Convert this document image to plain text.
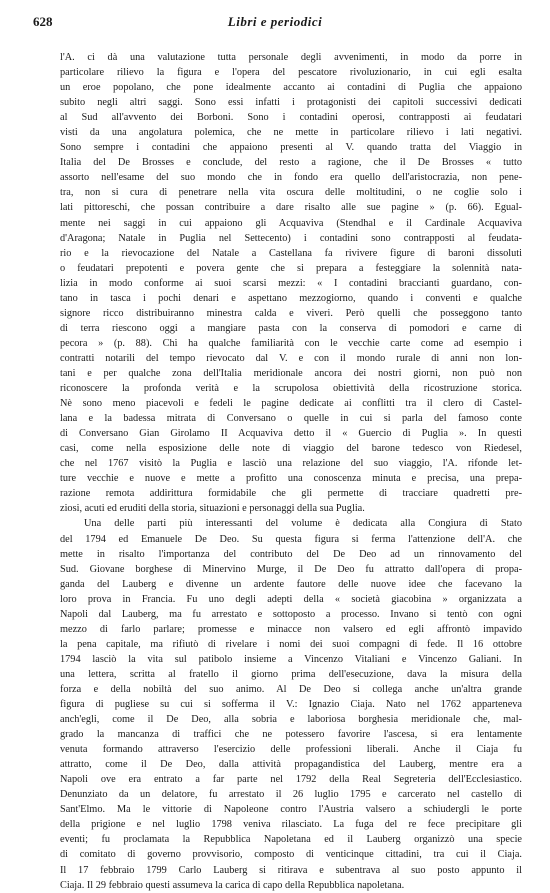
628	Libri e periodici
l'A. ci dà una valutazione tutta personale degli avvenimenti, in modo da porre in
particolare rilievo la figura e l'opera del pescatore rivoluzionario, in cui egli esalta
un eroe popolano, che pone idealmente accanto ai contadini di Puglia che appaiono
subito negli altri saggi. Sono essi infatti i protagonisti dei capitoli successivi dedicati
al Sud all'avvento dei Borboni. Sono i contadini operosi, contrapposti ai feudatari
visti da una angolatura polemica, che ne mette in particolare rilievo i lati negativi.
Sono sempre i contadini che appaiono presenti al V. quando tratta del Viaggio in
Italia del De Brosses e conclude, del resto a ragione, che il De Brosses « tutto
assorto nell'esame del suo mondo che in fondo era quello dell'aristocrazia, non pene-
tra, non si cura di penetrare nella vita oscura delle moltitudini, o ne coglie solo i
lati pittoreschi, che possan contribuire a dare risalto alle sue pagine » (p. 66). Egual-
mente nei saggi in cui appaiono gli Acquaviva (Stendhal e il Cardinale Acquaviva
d'Aragona; Natale in Puglia nel Settecento) i contadini sono contrapposti al feudata-
rio e la rievocazione del Natale a Castellana fa rivivere figure di baroni dissoluti
o feudatari prepotenti e povera gente che si prepara a festeggiare la solennità nata-
lizia in modo conforme ai suoi scarsi mezzi: « I contadini braccianti guardano, con-
tano in tasca i pochi denari e aspettano mezzogiorno, quando i conventi e qualche
signore ricco distribuiranno minestra calda e viveri. Però quelli che posseggono tanto
di terra riescono oggi a mangiare pasta con la conserva di pomodori e carne di
pecora » (p. 88). Chi ha qualche familiarità con le vecchie carte come ad esempio i
contratti notarili del tempo rievocato dal V. e con il mondo rurale di anni non lon-
tani e per qualche zona dell'Italia meridionale ancora dei nostri giorni, non può non
riconoscere la profonda verità e la scrupolosa obiettività della ricostruzione storica.
Nè sono meno piacevoli e fedeli le pagine dedicate ai conflitti tra il clero di Castel-
lana e la badessa mitrata di Conversano o quelle in cui si parla del famoso conte
di Conversano Gian Girolamo II Acquaviva detto il « Guercio di Puglia ». In questi
casi, come nella esposizione delle note di viaggio del barone tedesco von Riedesel,
che nel 1767 visitò la Puglia e lasciò una relazione del suo viaggio, l'A. rifonde let-
ture vecchie e nuove e mette a profitto una conoscenza minuta e precisa, una prepa-
razione remota addirittura formidabile che gli permette di tracciare quadretti pre-
ziosi, acuti ed eruditi della storia, situazioni e personaggi della sua Puglia.
Una delle parti più interessanti del volume è dedicata alla Congiura di Stato
del 1794 ed Emanuele De Deo. Su questa figura si ferma l'attenzione dell'A. che
mette in risalto l'importanza del contributo del De Deo ad un rinnovamento del
Sud. Giovane borghese di Minervino Murge, il De Deo fu attratto dall'opera di propa-
ganda del Lauberg e divenne un ardente fautore delle nuove idee che facevano la
loro prova in Francia. Fu uno degli adepti della « società giacobina » organizzata a
Napoli dal Lauberg, ma fu arrestato e sottoposto a processo. Invano si tentò con ogni
mezzo di farlo parlare; promesse e minacce non valsero ed egli affrontò impavido
la pena capitale, ma rifiutò di rivelare i nomi dei suoi compagni di fede. Il 16 ottobre
1794 lasciò la vita sul patibolo insieme a Vincenzo Vitaliani e Vincenzo Galiani. In
una lettera, scritta al fratello il giorno prima dell'esecuzione, dava la misura della
forza e della nobiltà del suo animo. Al De Deo si collega anche un'altra grande
figura di pugliese su cui si sofferma il V.: Ignazio Ciaja. Nato nel 1762 apparteneva
anch'egli, come il De Deo, alla sobria e laboriosa borghesia meridionale che, mal-
grado la mancanza di traffici che ne potessero favorire l'ascesa, si era lentamente
venuta formando attraverso l'esercizio delle professioni liberali. Anche il Ciaja fu
attratto, come il De Deo, dalla attività propagandistica del Lauberg, mentre era a
Napoli ove era entrato a far parte nel 1792 della Real Segreteria dell'Ecclesiastico.
Denunziato da un delatore, fu arrestato il 26 luglio 1795 e carcerato nel castello di
Sant'Elmo. Ma le vittorie di Napoleone contro l'Austria valsero a schiudergli le porte
della prigione e nel luglio 1798 veniva rilasciato. La fuga del re fece precipitare gli
eventi; fu proclamata la Repubblica Napoletana ed il Lauberg organizzò una specie
di comitato di governo provvisorio, composto di venticinque cittadini, tra cui il Ciaja.
Il 17 febbraio 1799 Carlo Lauberg si ritirava e subentrava al suo posto appunto il
Ciaja. Il 29 febbraio questi assumeva la carica di capo della Repubblica napoletana.
